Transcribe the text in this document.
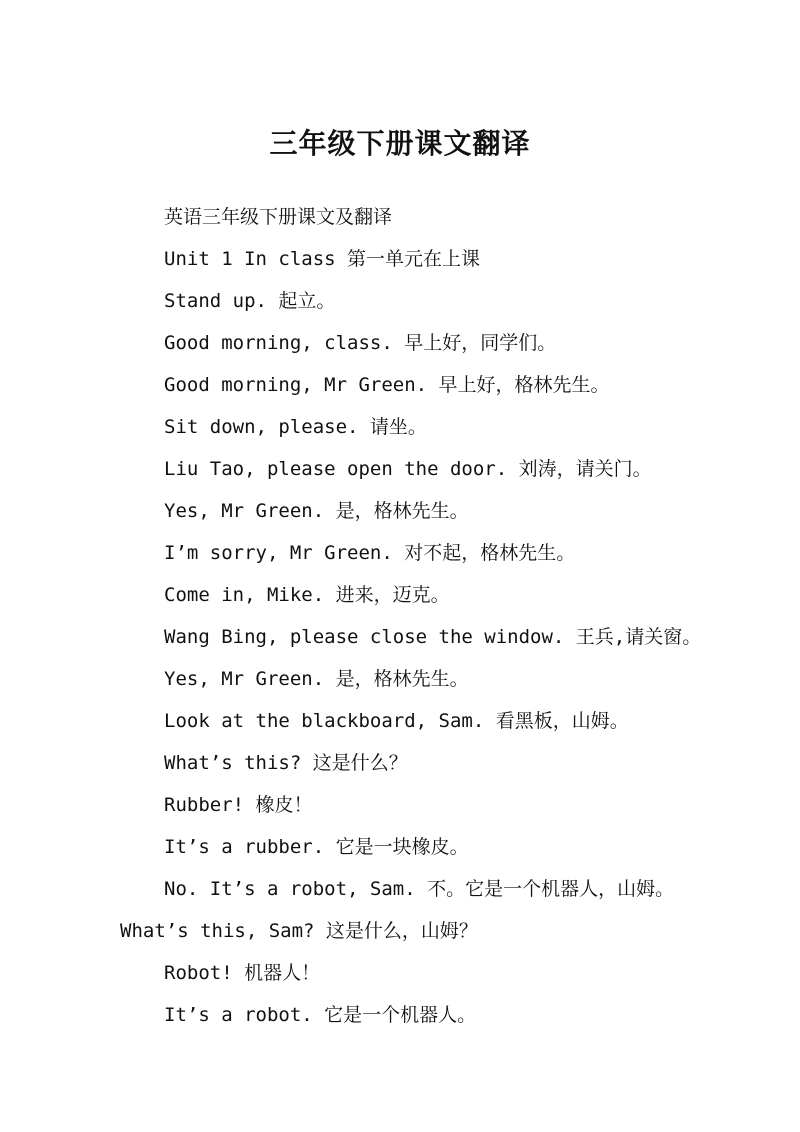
三年级下册课文翻译
英语三年级下册课文及翻译
Unit 1 In class 第一单元在上课
Stand up. 起立。
Good morning, class. 早上好，同学们。
Good morning, Mr Green. 早上好，格林先生。
Sit down, please. 请坐。
Liu Tao, please open the door. 刘涛，请关门。
Yes, Mr Green. 是，格林先生。
I’m sorry, Mr Green. 对不起，格林先生。
Come in, Mike. 进来，迈克。
Wang Bing, please close the window. 王兵,请关窗。
Yes, Mr Green. 是，格林先生。
Look at the blackboard, Sam. 看黑板，山姆。
What’s this? 这是什么？
Rubber! 橡皮！
It’s a rubber. 它是一块橡皮。
No. It’s a robot, Sam. 不。它是一个机器人，山姆。
What’s this, Sam? 这是什么，山姆？
Robot! 机器人！
It’s a robot. 它是一个机器人。
